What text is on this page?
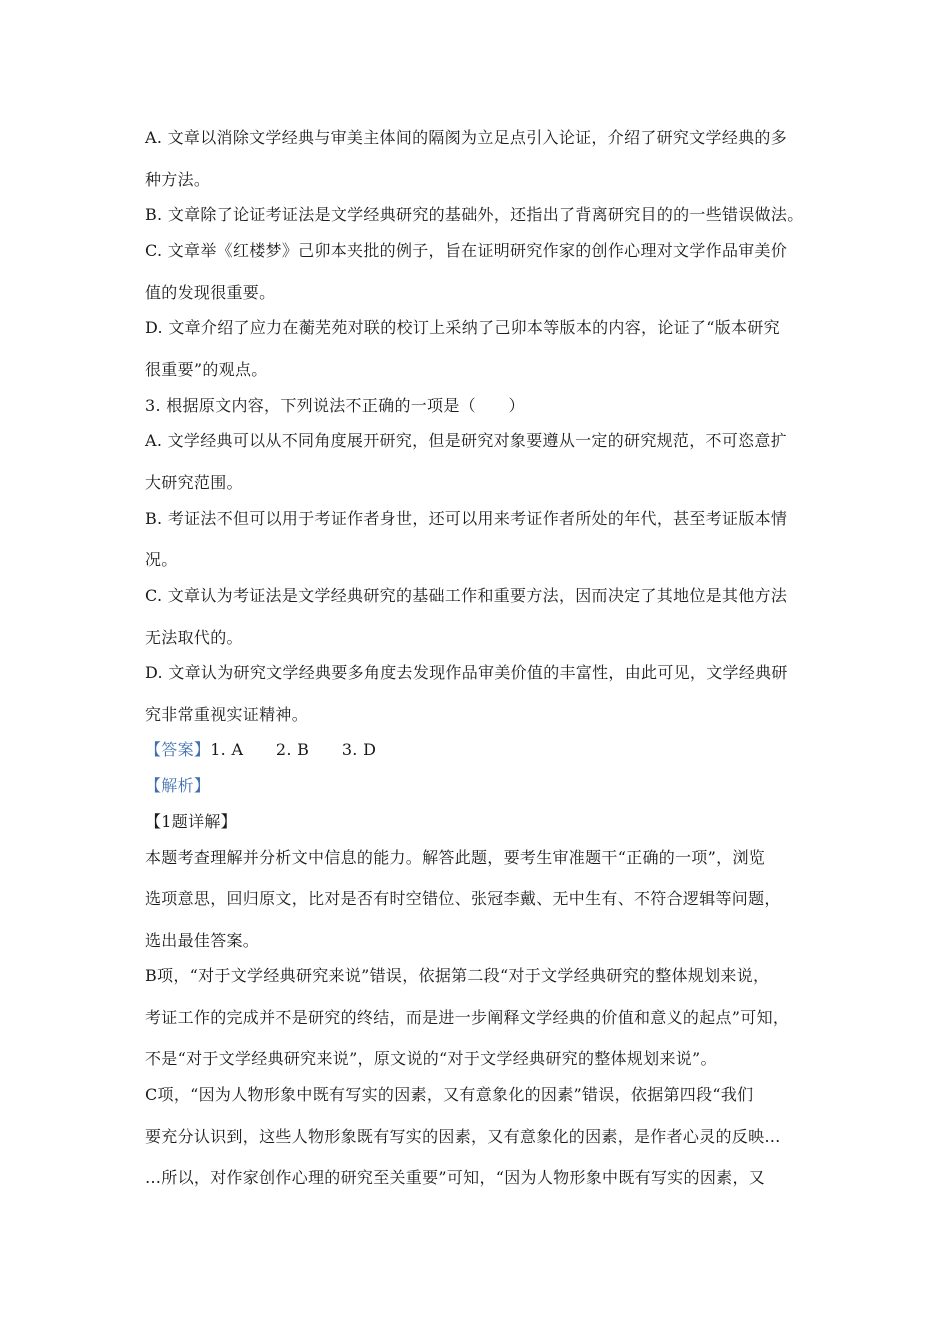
A. 文章以消除文学经典与审美主体间的隔阂为立足点引入论证，介绍了研究文学经典的多
种方法。
B. 文章除了论证考证法是文学经典研究的基础外，还指出了背离研究目的的一些错误做法。
C. 文章举《红楼梦》己卯本夹批的例子，旨在证明研究作家的创作心理对文学作品审美价
值的发现很重要。
D. 文章介绍了应力在蘅芜苑对联的校订上采纳了己卯本等版本的内容，论证了“版本研究
很重要”的观点。
3. 根据原文内容，下列说法不正确的一项是（　　）
A. 文学经典可以从不同角度展开研究，但是研究对象要遵从一定的研究规范，不可恣意扩
大研究范围。
B. 考证法不但可以用于考证作者身世，还可以用来考证作者所处的年代，甚至考证版本情
况。
C. 文章认为考证法是文学经典研究的基础工作和重要方法，因而决定了其地位是其他方法
无法取代的。
D. 文章认为研究文学经典要多角度去发现作品审美价值的丰富性，由此可见，文学经典研
究非常重视实证精神。
【答案】1. A　　2. B　　3. D
【解析】
【1题详解】
本题考查理解并分析文中信息的能力。解答此题，要考生审准题干“正确的一项”，浏览
选项意思，回归原文，比对是否有时空错位、张冠李戴、无中生有、不符合逻辑等问题，
选出最佳答案。
B项，“对于文学经典研究来说”错误，依据第二段“对于文学经典研究的整体规划来说，
考证工作的完成并不是研究的终结，而是进一步阐释文学经典的价值和意义的起点”可知，
不是“对于文学经典研究来说”，原文说的“对于文学经典研究的整体规划来说”。
C项，“因为人物形象中既有写实的因素，又有意象化的因素”错误，依据第四段“我们
要充分认识到，这些人物形象既有写实的因素，又有意象化的因素，是作者心灵的反映…
…所以，对作家创作心理的研究至关重要”可知，“因为人物形象中既有写实的因素，又
